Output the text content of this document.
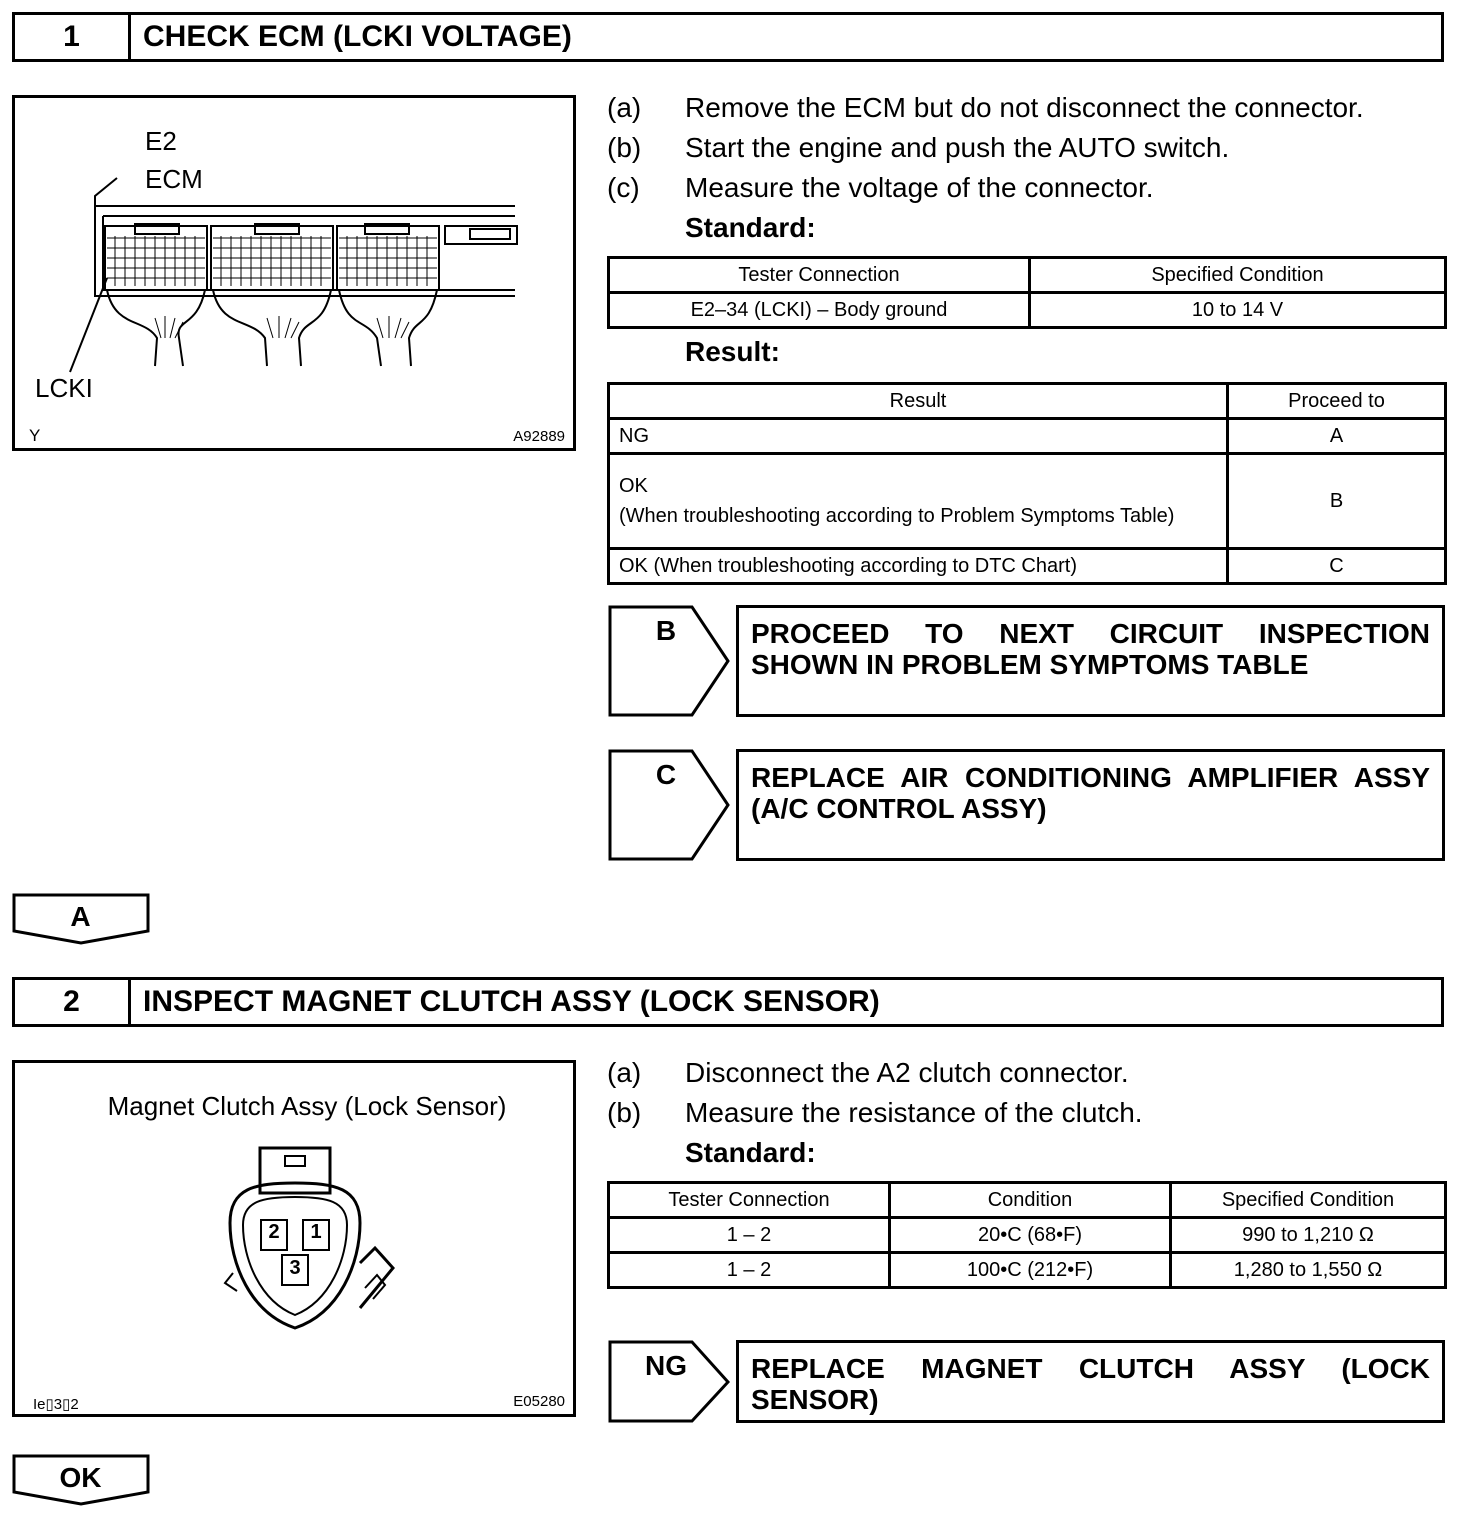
1	CHECK ECM (LCKI VOLTAGE)
E2
ECM
LCKI
Y	A92889
(a)	Remove the ECM but do not disconnect the connector.
(b)	Start the engine and push the AUTO switch.
(c)	Measure the voltage of the connector.
Standard:
Tester Connection	Specified Condition
E2–34 (LCKI) – Body ground	10 to 14 V
Result:
Result	Proceed to
NG	A
OK
(When troubleshooting according to Problem Symptoms Table)	B
OK (When troubleshooting according to DTC Chart)	C
B	PROCEED TO NEXT CIRCUIT INSPECTION SHOWN IN PROBLEM SYMPTOMS TABLE
C	REPLACE AIR CONDITIONING AMPLIFIER ASSY (A/C CONTROL ASSY)
A
2	INSPECT MAGNET CLUTCH ASSY (LOCK SENSOR)
Magnet Clutch Assy (Lock Sensor)
2	1
3
Ie▯3▯2	E05280
(a)	Disconnect the A2 clutch connector.
(b)	Measure the resistance of the clutch.
Standard:
Tester Connection	Condition	Specified Condition
1 – 2	20•C (68•F)	990 to 1,210 Ω
1 – 2	100•C (212•F)	1,280 to 1,550 Ω
NG	REPLACE MAGNET CLUTCH ASSY (LOCK SENSOR)
OK
